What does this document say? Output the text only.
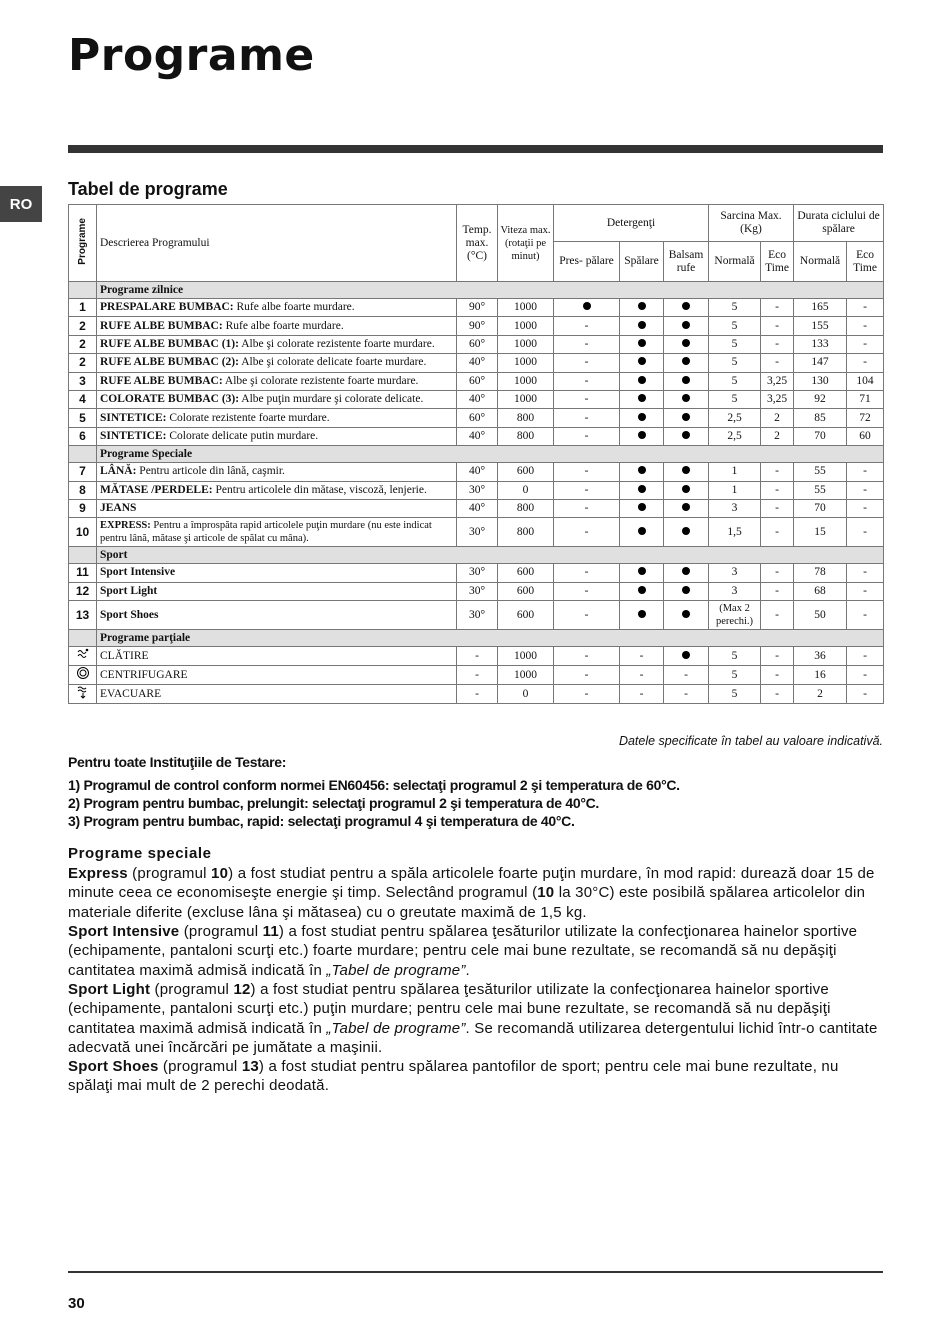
Programe
RO
Tabel de programe
Programe	Descrierea Programului	Temp. max. (°C)	Viteza max. (rotaţii pe minut)	Detergenţi			Sarcina Max. (Kg)		Durata ciclului de spălare	
				Pres- pălare	Spălare	Balsam rufe	Normală	Eco Time	Normală	Eco Time
	Programe zilnice									
1	PRESPALARE BUMBAC: Rufe albe foarte murdare.	90°	1000				5	-	165	-
2	RUFE ALBE BUMBAC: Rufe albe foarte murdare.	90°	1000	-			5	-	155	-
2	RUFE ALBE BUMBAC (1): Albe şi colorate rezistente foarte murdare.	60°	1000	-			5	-	133	-
2	RUFE ALBE BUMBAC (2): Albe şi colorate delicate foarte murdare.	40°	1000	-			5	-	147	-
3	RUFE ALBE BUMBAC: Albe şi colorate rezistente foarte murdare.	60°	1000	-			5	3,25	130	104
4	COLORATE BUMBAC (3): Albe puţin murdare şi colorate delicate.	40°	1000	-			5	3,25	92	71
5	SINTETICE: Colorate rezistente foarte murdare.	60°	800	-			2,5	2	85	72
6	SINTETICE: Colorate delicate putin murdare.	40°	800	-			2,5	2	70	60
	Programe Speciale									
7	LÂNĂ: Pentru articole din lână, caşmir.	40°	600	-			1	-	55	-
8	MĂTASE /PERDELE: Pentru articolele din mătase, viscoză, lenjerie.	30°	0	-			1	-	55	-
9	JEANS	40°	800	-			3	-	70	-
10	EXPRESS: Pentru a împrospăta rapid articolele puţin murdare (nu este indicat pentru lână, mătase şi articole de spălat cu mâna).	30°	800	-			1,5	-	15	-
	Sport									
11	Sport Intensive	30°	600	-			3	-	78	-
12	Sport Light	30°	600	-			3	-	68	-
13	Sport Shoes	30°	600	-			(Max 2 perechi.)	-	50	-
	Programe parţiale									
	CLĂTIRE	-	1000	-	-		5	-	36	-
	CENTRIFUGARE	-	1000	-	-	-	5	-	16	-
	EVACUARE	-	0	-	-	-	5	-	2	-
Datele specificate în tabel au valoare indicativă.
Pentru toate Instituţiile de Testare:
1) Programul de control conform normei EN60456: selectaţi programul 2 şi temperatura de 60°C.
2) Program pentru bumbac, prelungit: selectaţi programul 2 şi temperatura de 40°C.
3) Program pentru bumbac, rapid: selectaţi programul 4 şi temperatura de 40°C.
Programe speciale
Express (programul 10) a fost studiat pentru a spăla articolele foarte puţin murdare, în mod rapid: durează doar 15 de minute ceea ce economiseşte energie şi timp. Selectând programul (10 la 30°C) este posibilă spălarea articolelor din materiale diferite (excluse lâna şi mătasea) cu o greutate maximă de 1,5 kg.
Sport Intensive (programul 11) a fost studiat pentru spălarea ţesăturilor utilizate la confecţionarea hainelor sportive (echipamente, pantaloni scurţi etc.) foarte murdare; pentru cele mai bune rezultate, se recomandă să nu depăşiţi cantitatea maximă admisă indicată în „Tabel de programe”.
Sport Light (programul 12) a fost studiat pentru spălarea ţesăturilor utilizate la confecţionarea hainelor sportive (echipamente, pantaloni scurţi etc.) puţin murdare; pentru cele mai bune rezultate, se recomandă să nu depăşiţi cantitatea maximă admisă indicată în „Tabel de programe”. Se recomandă utilizarea detergentului lichid într-o cantitate adecvată unei încărcări pe jumătate a maşinii.
Sport Shoes (programul 13) a fost studiat pentru spălarea pantofilor de sport; pentru cele mai bune rezultate, nu spălaţi mai mult de 2 perechi deodată.
30
